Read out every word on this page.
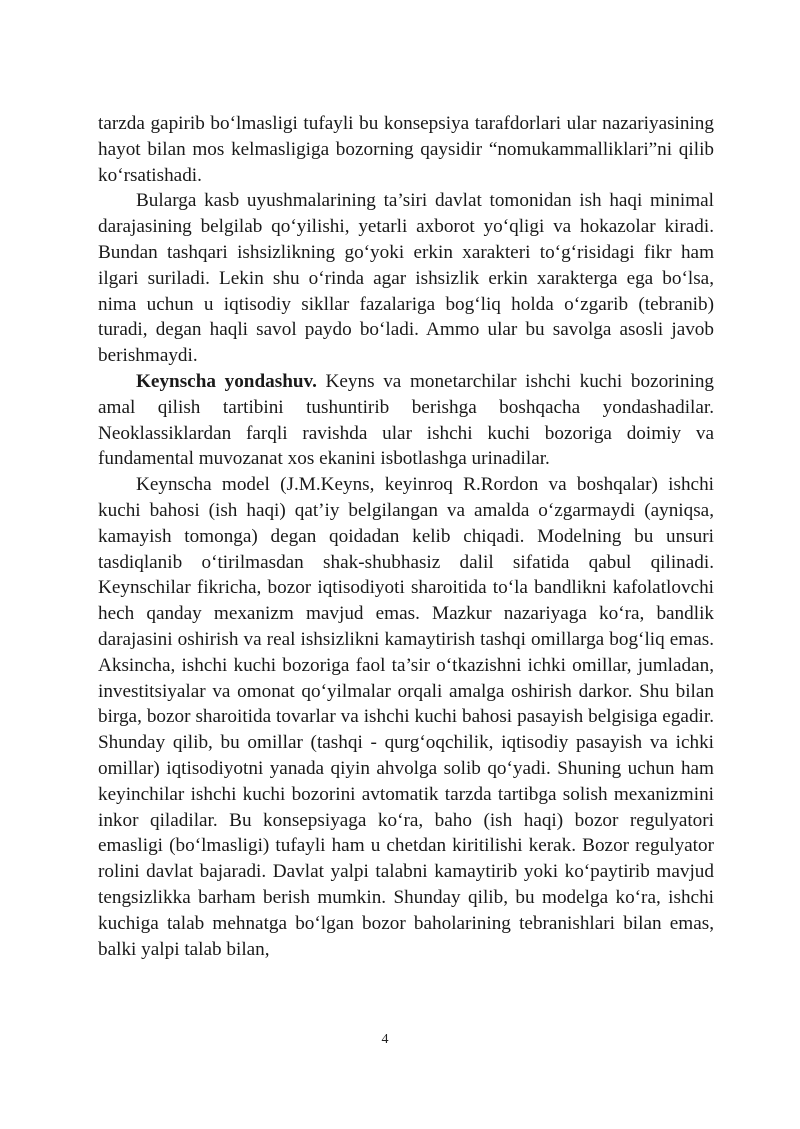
tarzda gapirib bo‘lmasligi tufayli bu konsepsiya tarafdorlari ular nazariyasining hayot bilan mos kelmasligiga bozorning qaysidir “nomukammalliklari”ni qilib ko‘rsatishadi.

Bularga kasb uyushmalarining ta’siri davlat tomonidan ish haqi minimal darajasining belgilab qo‘yilishi, yetarli axborot yo‘qligi va hokazolar kiradi. Bundan tashqari ishsizlikning go‘yoki erkin xarakteri to‘g‘risidagi fikr ham ilgari suriladi. Lekin shu o‘rinda agar ishsizlik erkin xarakterga ega bo‘lsa, nima uchun u iqtisodiy sikllar fazalariga bog‘liq holda o‘zgarib (tebranib) turadi, degan haqli savol paydo bo‘ladi. Ammo ular bu savolga asosli javob berishmaydi.

Keynscha yondashuv. Keyns va monetarchilar ishchi kuchi bozorining amal qilish tartibini tushuntirib berishga boshqacha yondashadilar. Neoklassiklardan farqli ravishda ular ishchi kuchi bozoriga doimiy va fundamental muvozanat xos ekanini isbotlashga urinadilar.

Keynscha model (J.M.Keyns, keyinroq R.Rordon va boshqalar) ishchi kuchi bahosi (ish haqi) qat’iy belgilangan va amalda o‘zgarmaydi (ayniqsa, kamayish tomonga) degan qoidadan kelib chiqadi. Modelning bu unsuri tasdiqlanib o‘tirilmasdan shak-shubhasiz dalil sifatida qabul qilinadi. Keynschilar fikricha, bozor iqtisodiyoti sharoitida to‘la bandlikni kafolatlovchi hech qanday mexanizm mavjud emas. Mazkur nazariyaga ko‘ra, bandlik darajasini oshirish va real ishsizlikni kamaytirish tashqi omillarga bog‘liq emas. Aksincha, ishchi kuchi bozoriga faol ta’sir o‘tkazishni ichki omillar, jumladan, investitsiyalar va omonat qo‘yilmalar orqali amalga oshirish darkor. Shu bilan birga, bozor sharoitida tovarlar va ishchi kuchi bahosi pasayish belgisiga egadir. Shunday qilib, bu omillar (tashqi - qurg‘oqchilik, iqtisodiy pasayish va ichki omillar) iqtisodiyotni yanada qiyin ahvolga solib qo‘yadi. Shuning uchun ham keyinchilar ishchi kuchi bozorini avtomatik tarzda tartibga solish mexanizmini inkor qiladilar. Bu konsepsiyaga ko‘ra, baho (ish haqi) bozor regulyatori emasligi (bo‘lmasligi) tufayli ham u chetdan kiritilishi kerak. Bozor regulyator rolini davlat bajaradi. Davlat yalpi talabni kamaytirib yoki ko‘paytirib mavjud tengsizlikka barham berish mumkin. Shunday qilib, bu modelga ko‘ra, ishchi kuchiga talab mehnatga bo‘lgan bozor baholarining tebranishlari bilan emas, balki yalpi talab bilan,

4
